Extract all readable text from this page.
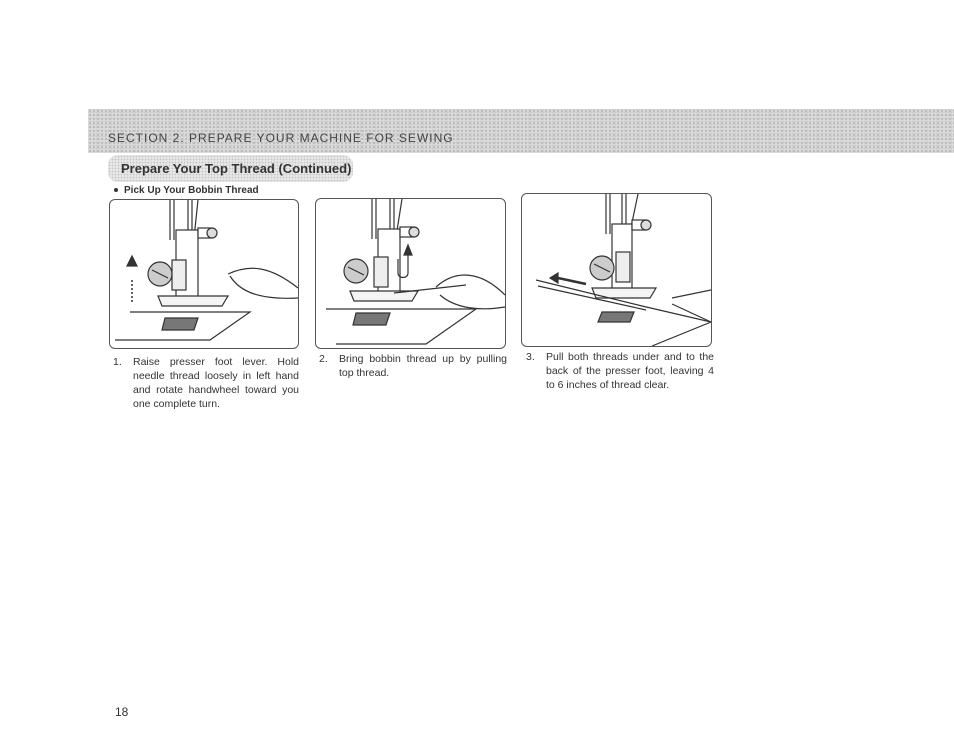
SECTION 2. PREPARE YOUR MACHINE FOR SEWING
Prepare Your Top Thread (Continued)
Pick Up Your Bobbin Thread
1. Raise presser foot lever. Hold needle thread loosely in left hand and rotate handwheel toward you one complete turn.
2. Bring bobbin thread up by pulling top thread.
3. Pull both threads under and to the back of the presser foot, leaving 4 to 6 inches of thread clear.
18
